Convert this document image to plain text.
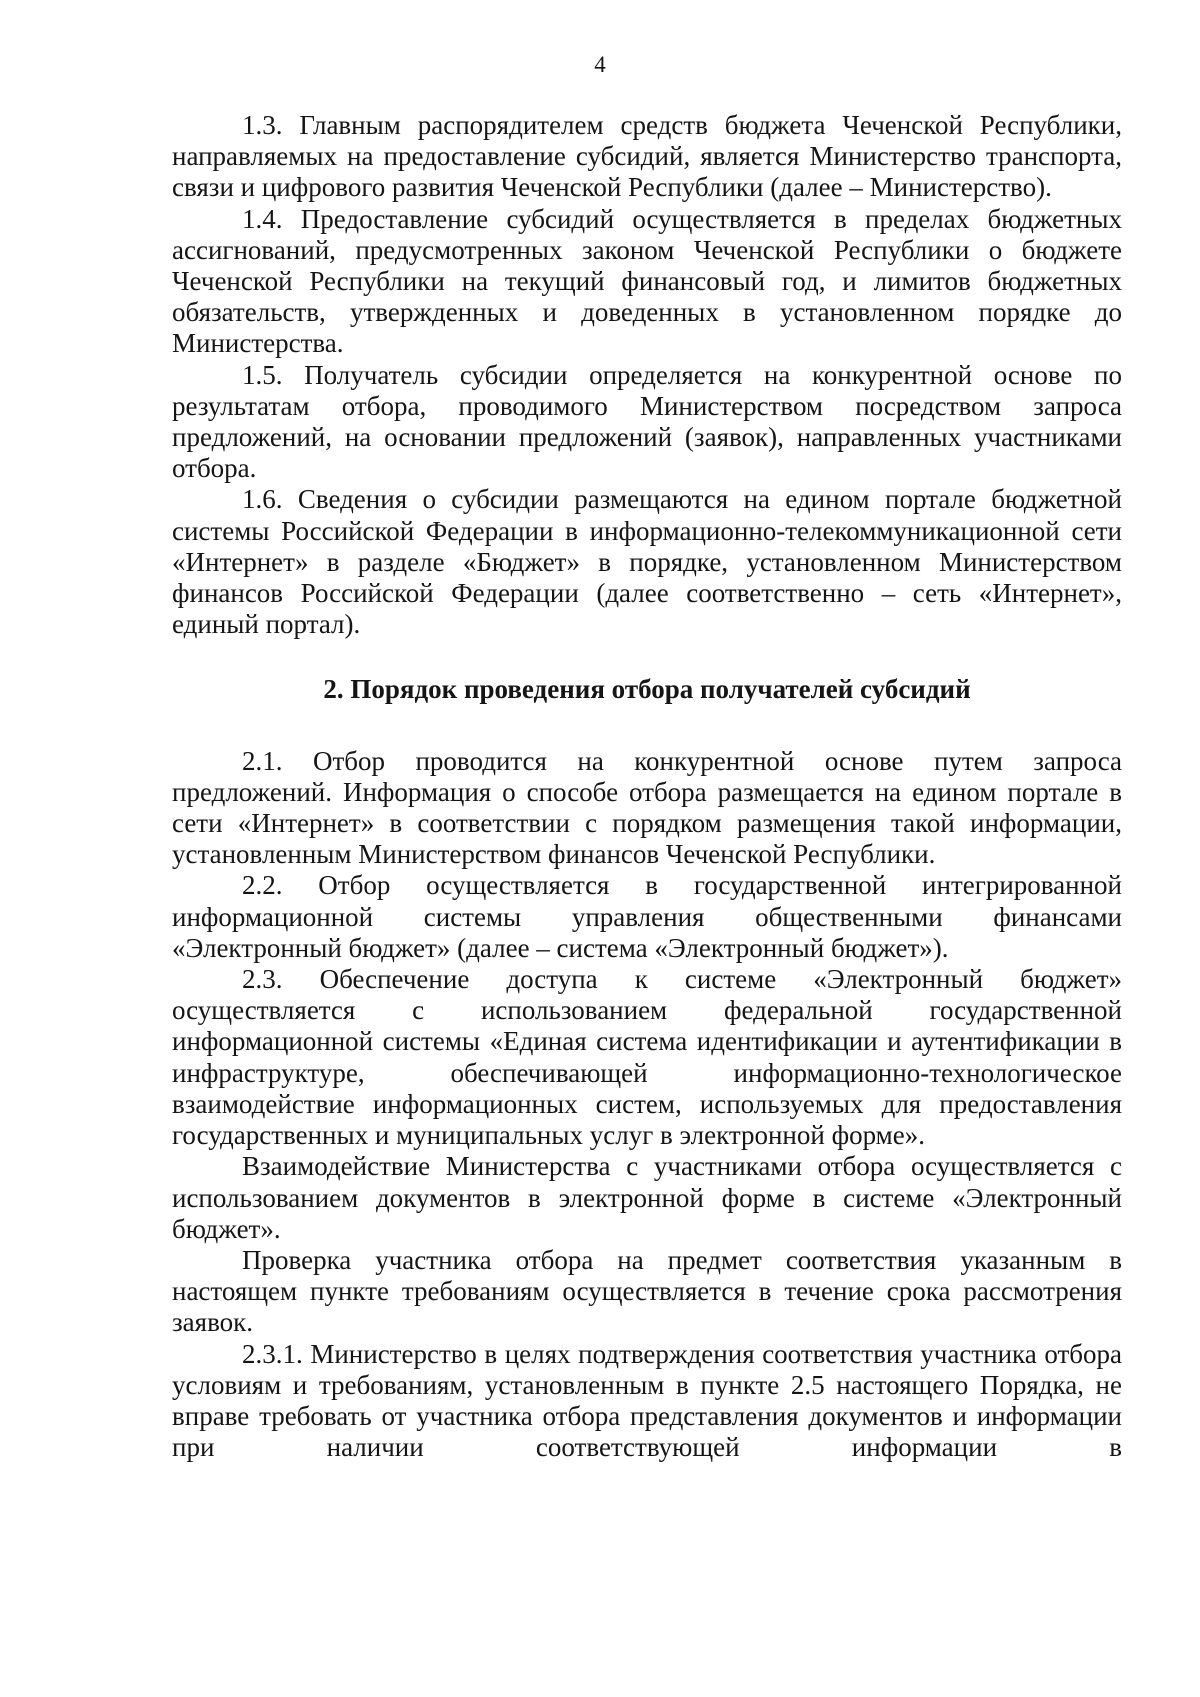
4

1.3. Главным распорядителем средств бюджета Чеченской Республики, направляемых на предоставление субсидий, является Министерство транспорта, связи и цифрового развития Чеченской Республики (далее – Министерство).

1.4. Предоставление субсидий осуществляется в пределах бюджетных ассигнований, предусмотренных законом Чеченской Республики о бюджете Чеченской Республики на текущий финансовый год, и лимитов бюджетных обязательств, утвержденных и доведенных в установленном порядке до Министерства.

1.5. Получатель субсидии определяется на конкурентной основе по результатам отбора, проводимого Министерством посредством запроса предложений, на основании предложений (заявок), направленных участниками отбора.

1.6. Сведения о субсидии размещаются на едином портале бюджетной системы Российской Федерации в информационно-телекоммуникационной сети «Интернет» в разделе «Бюджет» в порядке, установленном Министерством финансов Российской Федерации (далее соответственно – сеть «Интернет», единый портал).

2. Порядок проведения отбора получателей субсидий

2.1. Отбор проводится на конкурентной основе путем запроса предложений. Информация о способе отбора размещается на едином портале в сети «Интернет» в соответствии с порядком размещения такой информации, установленным Министерством финансов Чеченской Республики.

2.2. Отбор осуществляется в государственной интегрированной информационной системы управления общественными финансами «Электронный бюджет» (далее – система «Электронный бюджет»).

2.3. Обеспечение доступа к системе «Электронный бюджет» осуществляется с использованием федеральной государственной информационной системы «Единая система идентификации и аутентификации в инфраструктуре, обеспечивающей информационно-технологическое взаимодействие информационных систем, используемых для предоставления государственных и муниципальных услуг в электронной форме».

Взаимодействие Министерства с участниками отбора осуществляется с использованием документов в электронной форме в системе «Электронный бюджет».

Проверка участника отбора на предмет соответствия указанным в настоящем пункте требованиям осуществляется в течение срока рассмотрения заявок.

2.3.1. Министерство в целях подтверждения соответствия участника отбора условиям и требованиям, установленным в пункте 2.5 настоящего Порядка, не вправе требовать от участника отбора представления документов и информации при наличии соответствующей информации в
